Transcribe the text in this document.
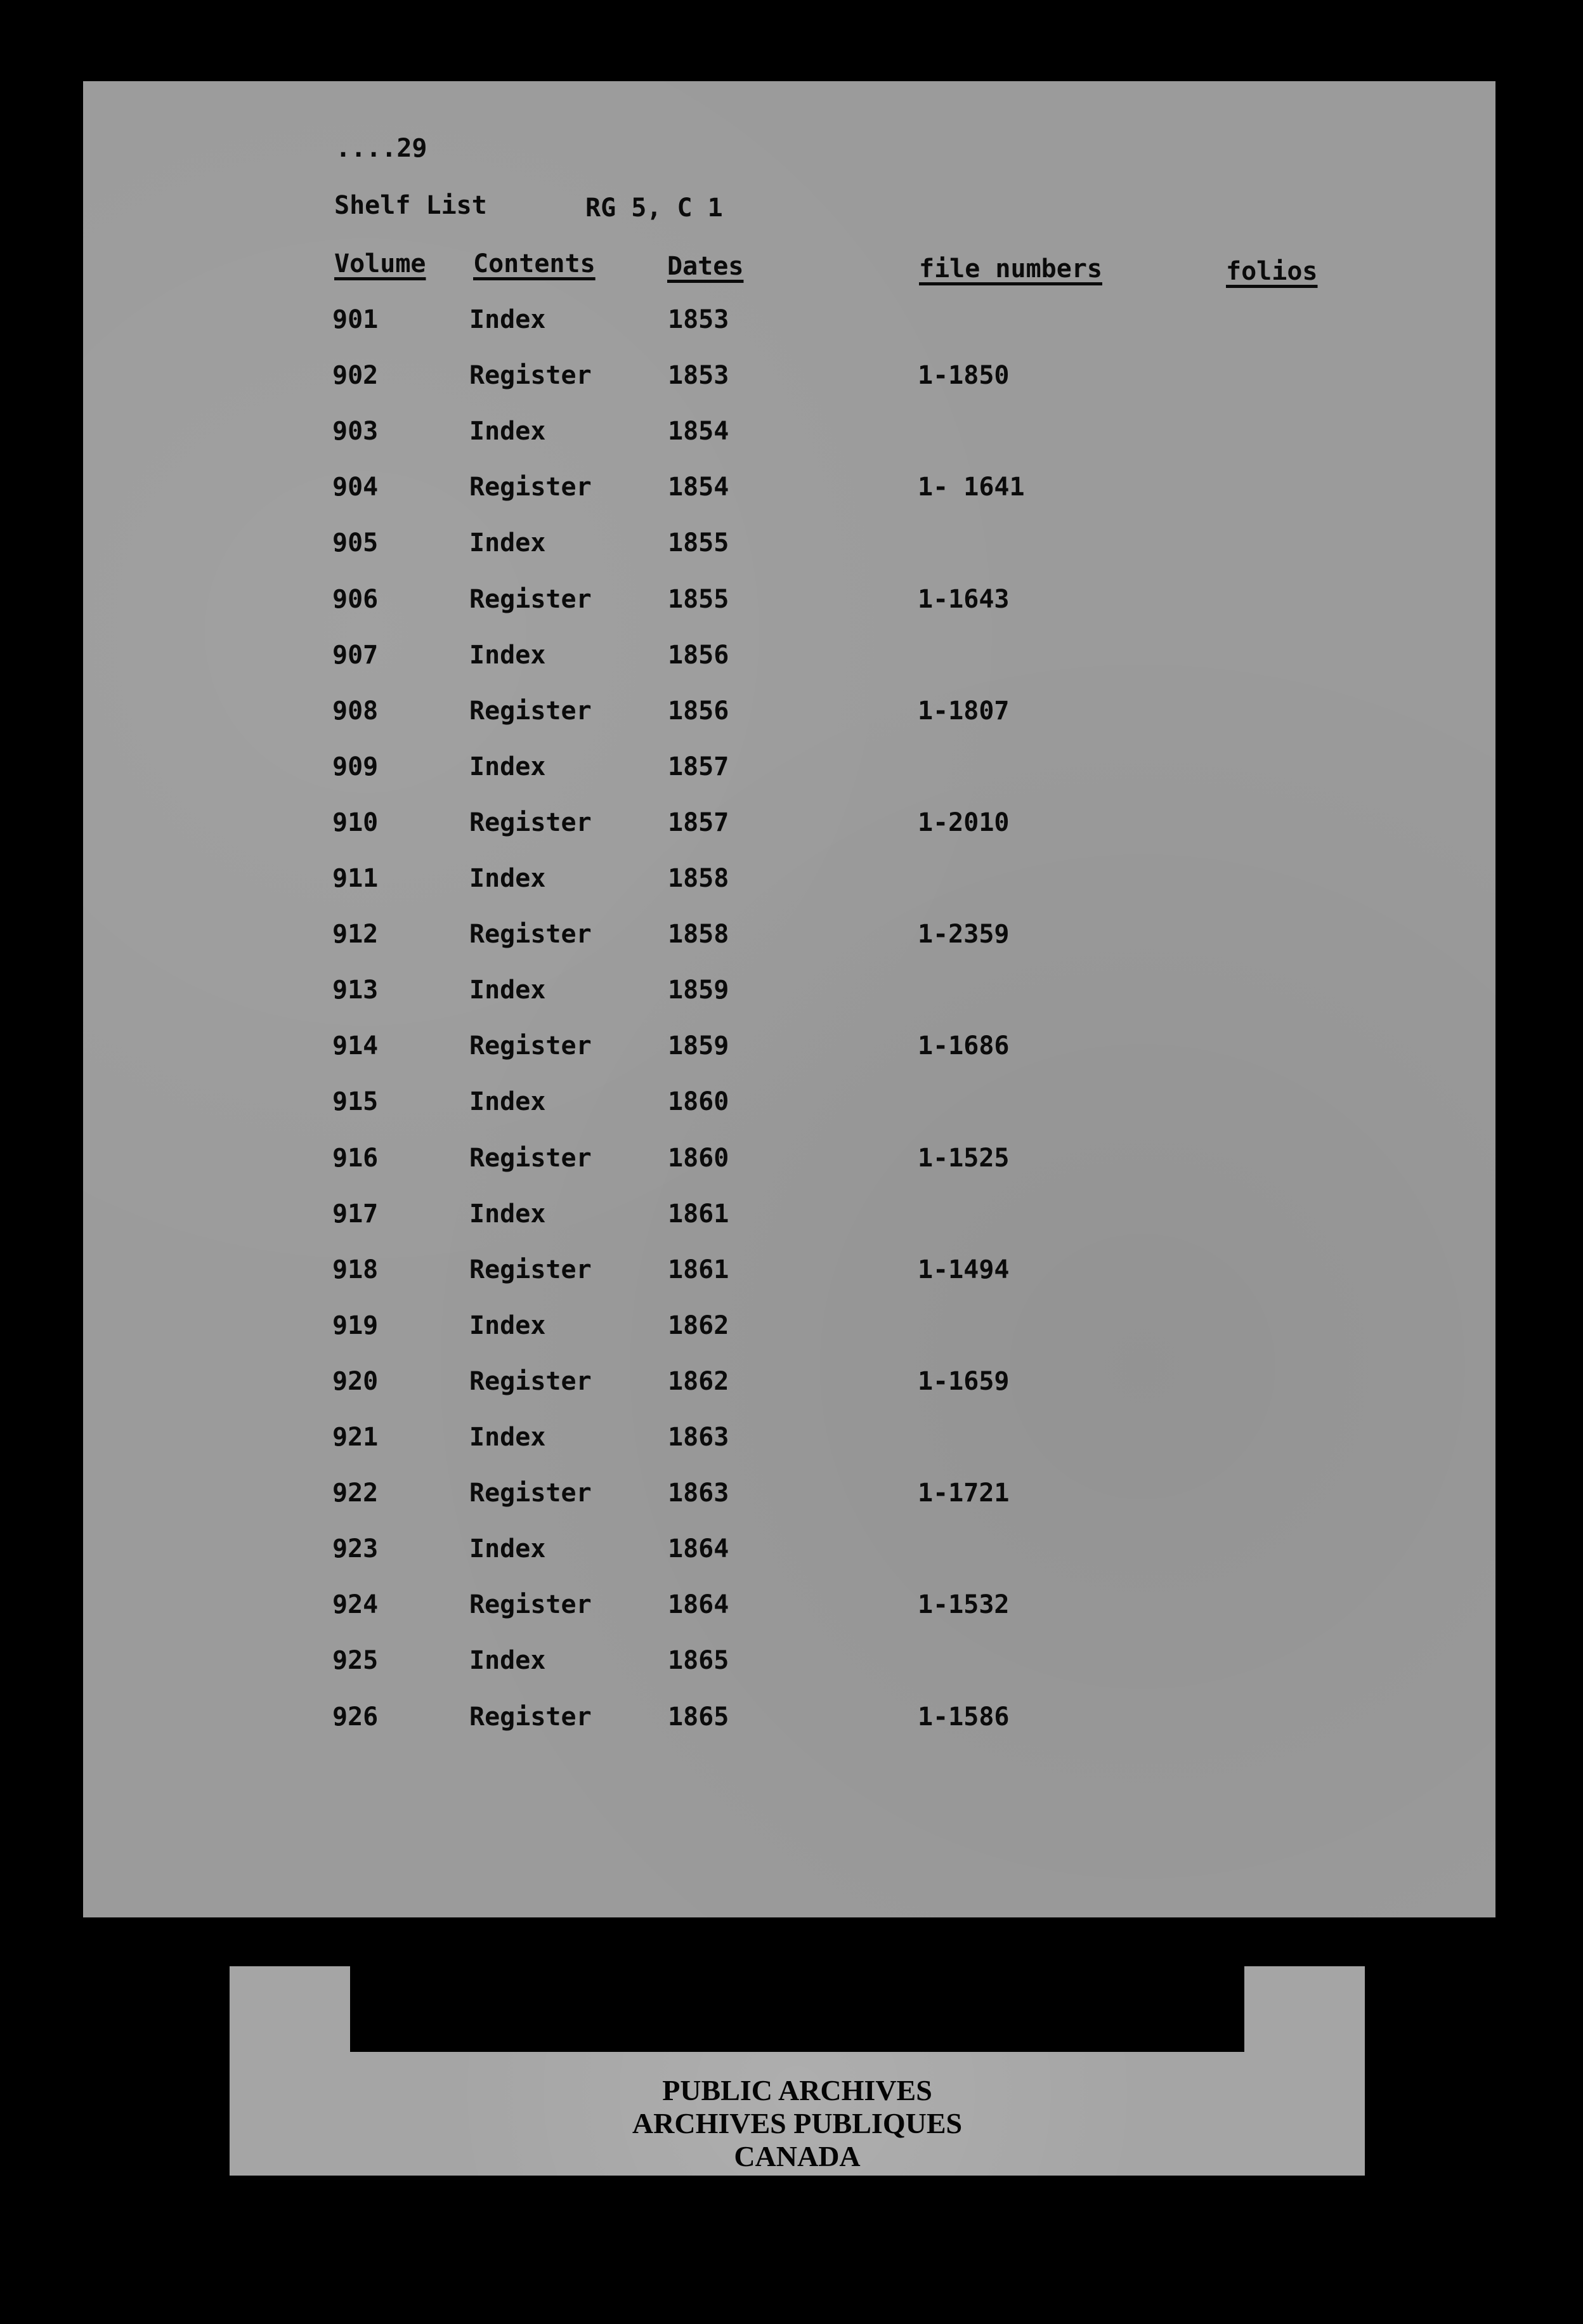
....29
Shelf List	RG 5, C 1
Volume Contents	Dates	file numbers	folios
901	Index	1853
902	Register	1853	1-1850
903	Index	1854
904	Register	1854	1- 1641
905	Index	1855
906	Register	1855	1-1643
907	Index	1856
908	Register	1856	1-1807
909	Index	1857
910	Register	1857	1-2010
911	Index	1858
912	Register	1858	1-2359
913	Index	1859
914	Register	1859	1-1686
915	Index	1860
916	Register	1860	1-1525
917	Index	1861
918	Register	1861	1-1494
919	Index	1862
920	Register	1862	1-1659
921	Index	1863
922	Register	1863	1-1721
923	Index	1864
924	Register	1864	1-1532
925	Index	1865
926	Register	1865	1-1586
PUBLIC ARCHIVES
ARCHIVES PUBLIQUES
CANADA
